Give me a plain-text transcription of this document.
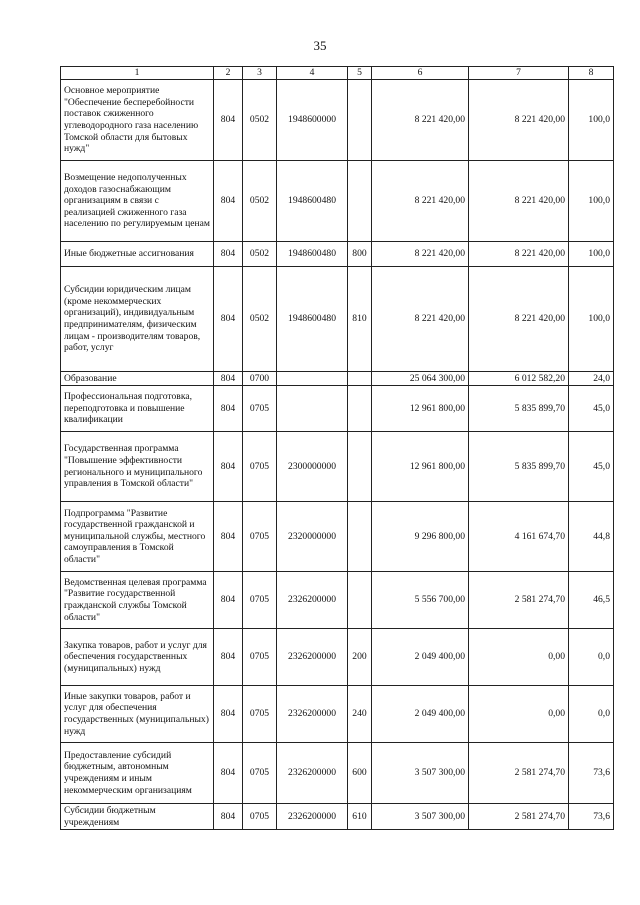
35
1	2	3	4	5	6	7	8
Основное мероприятие "Обеспечение бесперебойности поставок сжиженного углеводородного газа населению Томской области для бытовых нужд"	804	0502	1948600000		8 221 420,00	8 221 420,00	100,0
Возмещение недополученных доходов газоснабжающим организациям в связи с реализацией сжиженного газа населению по регулируемым ценам	804	0502	1948600480		8 221 420,00	8 221 420,00	100,0
Иные бюджетные ассигнования	804	0502	1948600480	800	8 221 420,00	8 221 420,00	100,0
Субсидии юридическим лицам (кроме некоммерческих организаций), индивидуальным предпринимателям, физическим лицам - производителям товаров, работ, услуг	804	0502	1948600480	810	8 221 420,00	8 221 420,00	100,0
Образование	804	0700			25 064 300,00	6 012 582,20	24,0
Профессиональная подготовка, переподготовка и повышение квалификации	804	0705			12 961 800,00	5 835 899,70	45,0
Государственная программа "Повышение эффективности регионального и муниципального управления в Томской области"	804	0705	2300000000		12 961 800,00	5 835 899,70	45,0
Подпрограмма "Развитие государственной гражданской и муниципальной службы, местного самоуправления в Томской области"	804	0705	2320000000		9 296 800,00	4 161 674,70	44,8
Ведомственная целевая программа "Развитие государственной гражданской службы Томской области"	804	0705	2326200000		5 556 700,00	2 581 274,70	46,5
Закупка товаров, работ и услуг для обеспечения государственных (муниципальных) нужд	804	0705	2326200000	200	2 049 400,00	0,00	0,0
Иные закупки товаров, работ и услуг для обеспечения государственных (муниципальных) нужд	804	0705	2326200000	240	2 049 400,00	0,00	0,0
Предоставление субсидий бюджетным, автономным учреждениям и иным некоммерческим организациям	804	0705	2326200000	600	3 507 300,00	2 581 274,70	73,6
Субсидии бюджетным учреждениям	804	0705	2326200000	610	3 507 300,00	2 581 274,70	73,6
